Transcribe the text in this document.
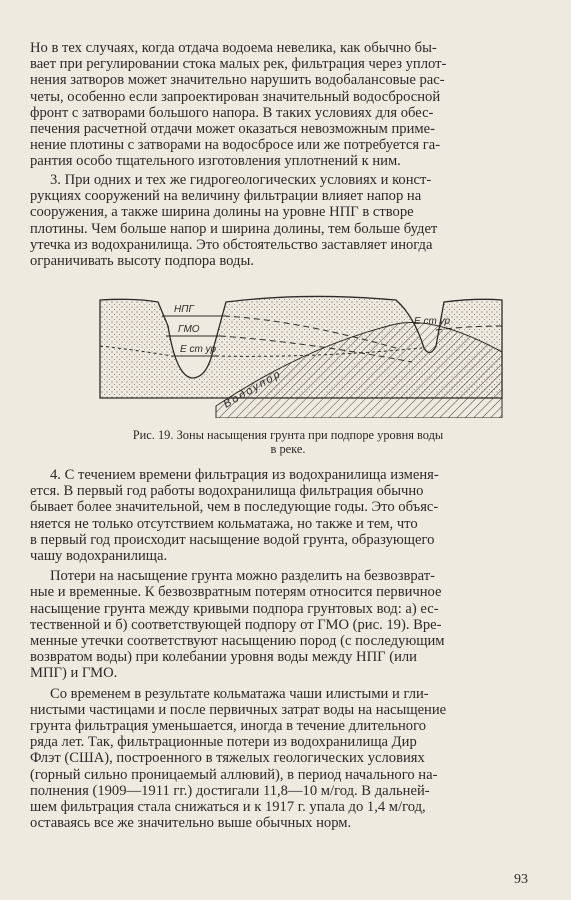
Но в тех случаях, когда отдача водоема невелика, как обычно бы-

вает при регулировании стока малых рек, фильтрация через уплот-

нения затворов может значительно нарушить водобалансовые рас-

четы, особенно если запроектирован значительный водосбросной

фронт с затворами большого напора. В таких условиях для обес-

печения расчетной отдачи может оказаться невозможным приме-

нение плотины с затворами на водосбросе или же потребуется га-

рантия особо тщательного изготовления уплотнений к ним.

3. При одних и тех же гидрогеологических условиях и конст-

рукциях сооружений на величину фильтрации влияет напор на

сооружения, а также ширина долины на уровне НПГ в створе

плотины. Чем больше напор и ширина долины, тем больше будет

утечка из водохранилища. Это обстоятельство заставляет иногда

ограничивать высоту подпора воды.

НПГ
ГМО
Е ст ур
Е ст ур
Водоупор
Рис. 19. Зоны насыщения грунта при подпоре уровня воды
в реке.

4. С течением времени фильтрация из водохранилища изменя-

ется. В первый год работы водохранилища фильтрация обычно

бывает более значительной, чем в последующие годы. Это объяс-

няется не только отсутствием кольматажа, но также и тем, что

в первый год происходит насыщение водой грунта, образующего

чашу водохранилища.

Потери на насыщение грунта можно разделить на безвозврат-

ные и временные. К безвозвратным потерям относится первичное

насыщение грунта между кривыми подпора грунтовых вод: а) ес-

тественной и б) соответствующей подпору от ГМО (рис. 19). Вре-

менные утечки соответствуют насыщению пород (с последующим

возвратом воды) при колебании уровня воды между НПГ (или

МПГ) и ГМО.

Со временем в результате кольматажа чаши илистыми и гли-

нистыми частицами и после первичных затрат воды на насыщение

грунта фильтрация уменьшается, иногда в течение длительного

ряда лет. Так, фильтрационные потери из водохранилища Дир

Флэт (США), построенного в тяжелых геологических условиях

(горный сильно проницаемый аллювий), в период начального на-

полнения (1909—1911 гг.) достигали 11,8—10 м/год. В дальней-

шем фильтрация стала снижаться и к 1917 г. упала до 1,4 м/год,

оставаясь все же значительно выше обычных норм.

93
